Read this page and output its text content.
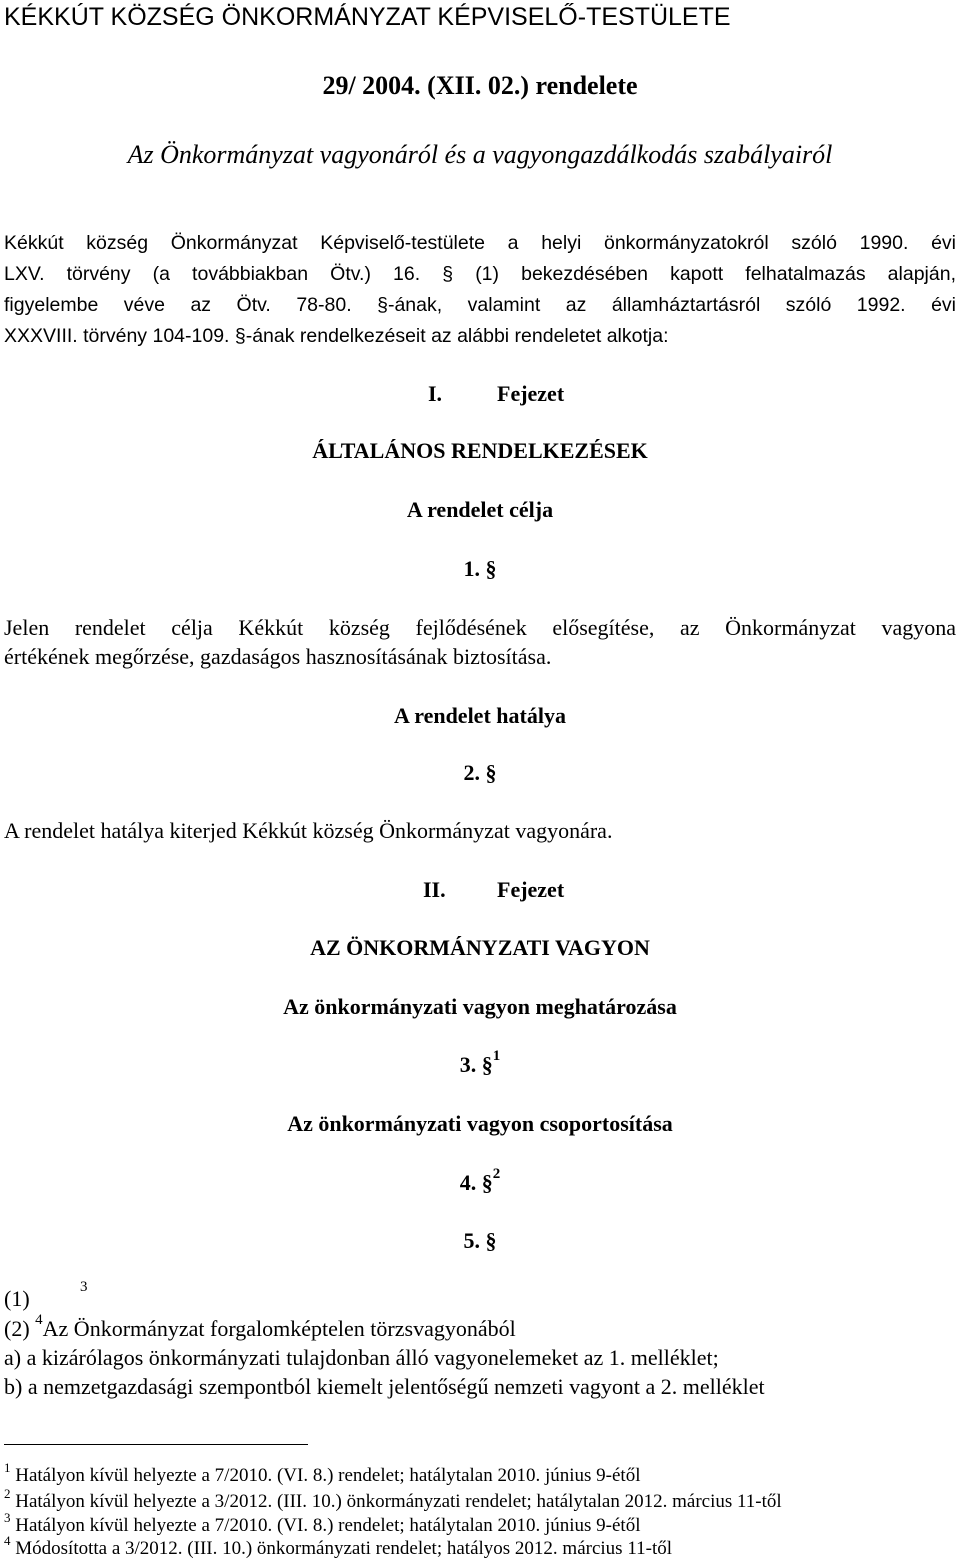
KÉKKÚT KÖZSÉG ÖNKORMÁNYZAT KÉPVISELŐ-TESTÜLETE
29/ 2004. (XII. 02.) rendelete
Az Önkormányzat vagyonáról és a vagyongazdálkodás szabályairól
Kékkút község Önkormányzat Képviselő-testülete a helyi önkormányzatokról szóló 1990. évi
LXV. törvény (a továbbiakban Ötv.) 16. § (1) bekezdésében kapott felhatalmazás alapján,
figyelembe véve az Ötv. 78-80. §-ának, valamint az államháztartásról szóló 1992. évi
XXXVIII. törvény 104-109. §-ának rendelkezéseit az alábbi rendeletet alkotja:
I. Fejezet
ÁLTALÁNOS RENDELKEZÉSEK
A rendelet célja
1. §
Jelen rendelet célja Kékkút község fejlődésének elősegítése, az Önkormányzat vagyona
értékének megőrzése, gazdaságos hasznosításának biztosítása.
A rendelet hatálya
2. §
A rendelet hatálya kiterjed Kékkút község Önkormányzat vagyonára.
II. Fejezet
AZ ÖNKORMÁNYZATI VAGYON
Az önkormányzati vagyon meghatározása
3. §$^1$
Az önkormányzati vagyon csoportosítása
4. §$^2$
5. §
(1)	3
(2) $^4$Az Önkormányzat forgalomképtelen törzsvagyonából
a) a kizárólagos önkormányzati tulajdonban álló vagyonelemeket az 1. melléklet;
b) a nemzetgazdasági szempontból kiemelt jelentőségű nemzeti vagyont a 2. melléklet
$^1$ Hatályon kívül helyezte a 7/2010. (VI. 8.) rendelet; hatálytalan 2010. június 9-étől
$^2$ Hatályon kívül helyezte a 3/2012. (III. 10.) önkormányzati rendelet; hatálytalan 2012. március 11-től
$^3$ Hatályon kívül helyezte a 7/2010. (VI. 8.) rendelet; hatálytalan 2010. június 9-étől
$^4$ Módosította a 3/2012. (III. 10.) önkormányzati rendelet; hatályos 2012. március 11-től
